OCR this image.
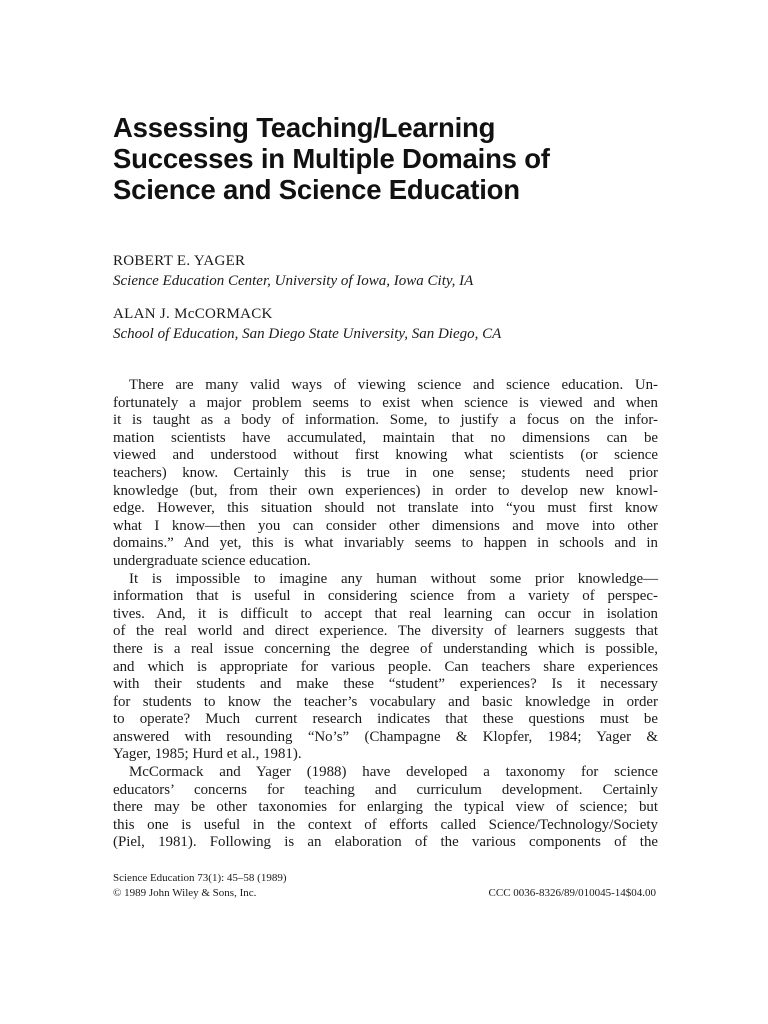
Assessing Teaching/Learning
Successes in Multiple Domains of
Science and Science Education
ROBERT E. YAGER
Science Education Center, University of Iowa, Iowa City, IA
ALAN J. McCORMACK
School of Education, San Diego State University, San Diego, CA
There are many valid ways of viewing science and science education. Un-
fortunately a major problem seems to exist when science is viewed and when
it is taught as a body of information. Some, to justify a focus on the infor-
mation scientists have accumulated, maintain that no dimensions can be
viewed and understood without first knowing what scientists (or science
teachers) know. Certainly this is true in one sense; students need prior
knowledge (but, from their own experiences) in order to develop new knowl-
edge. However, this situation should not translate into “you must first know
what I know—then you can consider other dimensions and move into other
domains.” And yet, this is what invariably seems to happen in schools and in
undergraduate science education.
It is impossible to imagine any human without some prior knowledge—
information that is useful in considering science from a variety of perspec-
tives. And, it is difficult to accept that real learning can occur in isolation
of the real world and direct experience. The diversity of learners suggests that
there is a real issue concerning the degree of understanding which is possible,
and which is appropriate for various people. Can teachers share experiences
with their students and make these “student” experiences? Is it necessary
for students to know the teacher’s vocabulary and basic knowledge in order
to operate? Much current research indicates that these questions must be
answered with resounding “No’s” (Champagne & Klopfer, 1984; Yager &
Yager, 1985; Hurd et al., 1981).
McCormack and Yager (1988) have developed a taxonomy for science
educators’ concerns for teaching and curriculum development. Certainly
there may be other taxonomies for enlarging the typical view of science; but
this one is useful in the context of efforts called Science/Technology/Society
(Piel, 1981). Following is an elaboration of the various components of the
Science Education 73(1): 45–58 (1989)
© 1989 John Wiley & Sons, Inc.	CCC 0036-8326/89/010045-14$04.00
